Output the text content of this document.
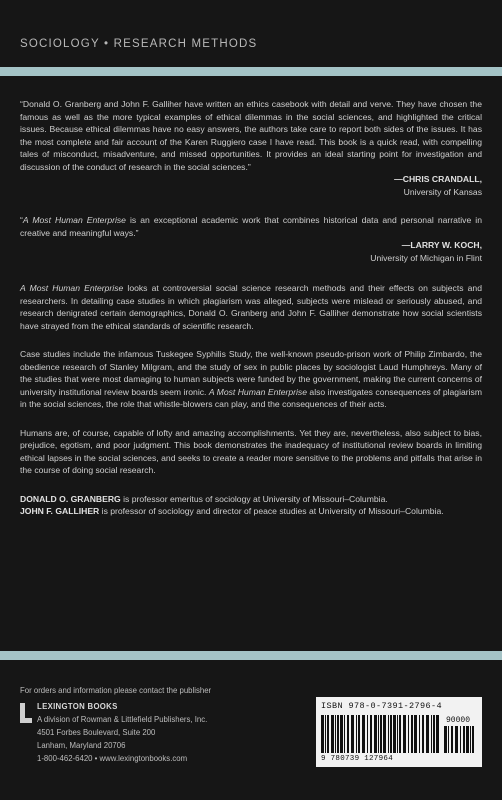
SOCIOLOGY • RESEARCH METHODS

“Donald O. Granberg and John F. Galliher have written an ethics casebook with detail and verve. They have chosen the famous as well as the more typical examples of ethical dilemmas in the social sciences, and highlighted the critical issues. Because ethical dilemmas have no easy answers, the authors take care to report both sides of the issues. It has the most complete and fair account of the Karen Ruggiero case I have read. This book is a quick read, with compelling tales of misconduct, misadventure, and missed opportunities. It provides an ideal starting point for investigation and discussion of the conduct of research in the social sciences.”

—CHRIS CRANDALL,
University of Kansas

“A Most Human Enterprise is an exceptional academic work that combines historical data and personal narrative in creative and meaningful ways.”

—LARRY W. KOCH,
University of Michigan in Flint

A Most Human Enterprise looks at controversial social science research methods and their effects on subjects and researchers. In detailing case studies in which plagiarism was alleged, subjects were mislead or seriously abused, and research denigrated certain demographics, Donald O. Granberg and John F. Galliher demonstrate how social scientists have strayed from the ethical standards of scientific research.

Case studies include the infamous Tuskegee Syphilis Study, the well-known pseudo-prison work of Philip Zimbardo, the obedience research of Stanley Milgram, and the study of sex in public places by sociologist Laud Humphreys. Many of the studies that were most damaging to human subjects were funded by the government, making the current concerns of university institutional review boards seem ironic. A Most Human Enterprise also investigates consequences of plagiarism in the social sciences, the role that whistle-blowers can play, and the consequences of their acts.

Humans are, of course, capable of lofty and amazing accomplishments. Yet they are, nevertheless, also subject to bias, prejudice, egotism, and poor judgment. This book demonstrates the inadequacy of institutional review boards in limiting ethical lapses in the social sciences, and seeks to create a reader more sensitive to the problems and pitfalls that arise in the course of doing social research.

DONALD O. GRANBERG is professor emeritus of sociology at University of Missouri–Columbia.

JOHN F. GALLIHER is professor of sociology and director of peace studies at University of Missouri–Columbia.

For orders and information please contact the publisher
LEXINGTON BOOKS
A division of Rowman & Littlefield Publishers, Inc.
4501 Forbes Boulevard, Suite 200
Lanham, Maryland 20706
1-800-462-6420 • www.lexingtonbooks.com
ISBN 978-0-7391-2796-4
90000
9 780739 127964
